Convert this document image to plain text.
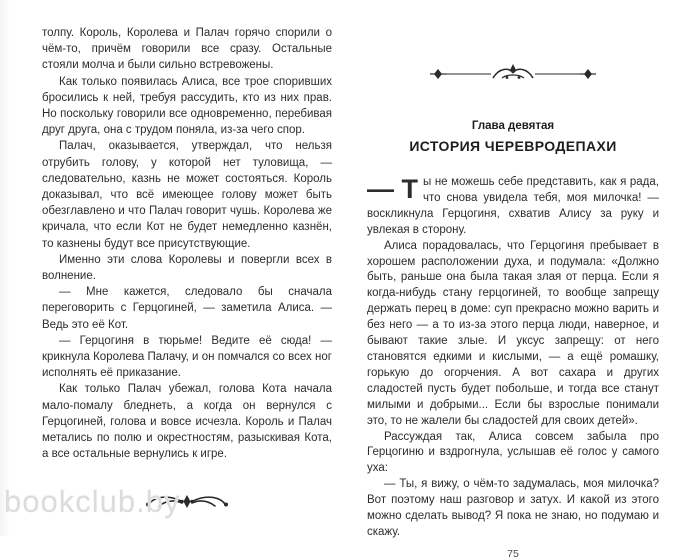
толпу. Король, Королева и Палач горячо спорили о чём-то, причём говорили все сразу. Остальные стояли молча и были сильно встревожены.

Как только появилась Алиса, все трое споривших бросились к ней, требуя рассудить, кто из них прав. Но поскольку говорили все одновременно, перебивая друг друга, она с трудом поняла, из-за чего спор.

Палач, оказывается, утверждал, что нельзя отрубить голову, у которой нет туловища, — следовательно, казнь не может состояться. Король доказывал, что всё имеющее голову может быть обезглавлено и что Палач говорит чушь. Королева же кричала, что если Кот не будет немедленно казнён, то казнены будут все присутствующие.

Именно эти слова Королевы и повергли всех в волнение.

— Мне кажется, следовало бы сначала переговорить с Герцогиней, — заметила Алиса. — Ведь это её Кот.

— Герцогиня в тюрьме! Ведите её сюда! — крикнула Королева Палачу, и он помчался со всех ног исполнять её приказание.

Как только Палач убежал, голова Кота начала мало-помалу бледнеть, а когда он вернулся с Герцогиней, голова и вовсе исчезла. Король и Палач метались по полю и окрестностям, разыскивая Кота, а все остальные вернулись к игре.

Глава девятая
ИСТОРИЯ ЧЕРЕВРОДЕПАХИ

— Т ы не можешь себе представить, как я рада, что снова увидела тебя, моя милочка! — воскликнула Герцогиня, схватив Алису за руку и увлекая в сторону.

Алиса порадовалась, что Герцогиня пребывает в хорошем расположении духа, и подумала: «Должно быть, раньше она была такая злая от перца. Если я когда-нибудь стану герцогиней, то вообще запрещу держать перец в доме: суп прекрасно можно варить и без него — а то из-за этого перца люди, наверное, и бывают такие злые. И уксус запрещу: от него становятся едкими и кислыми, — а ещё ромашку, горькую до огорчения. А вот сахара и других сладостей пусть будет побольше, и тогда все станут милыми и добрыми... Если бы взрослые понимали это, то не жалели бы сладостей для своих детей».

Рассуждая так, Алиса совсем забыла про Герцогиню и вздрогнула, услышав её голос у самого уха:

— Ты, я вижу, о чём-то задумалась, моя милочка? Вот поэтому наш разговор и затух. И какой из этого можно сделать вывод? Я пока не знаю, но подумаю и скажу.

75
bookclub.by
